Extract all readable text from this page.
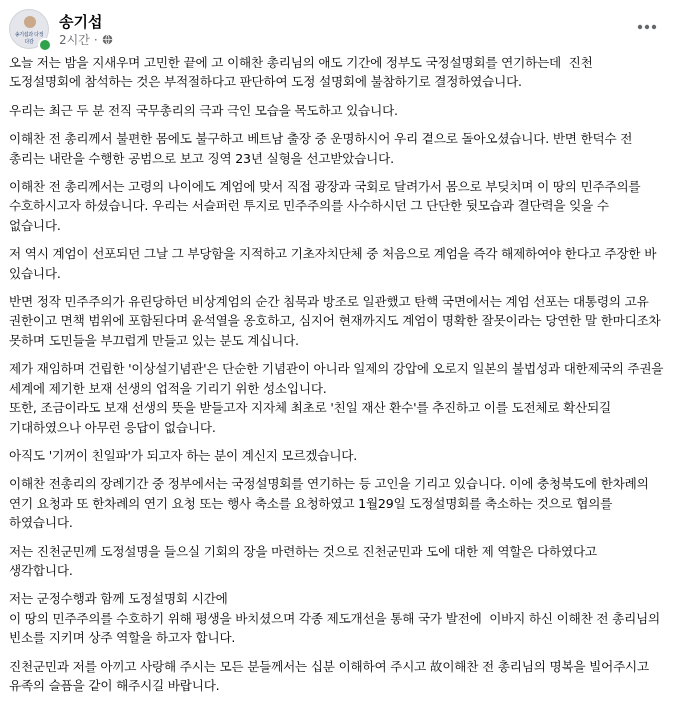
송기섭과 다정다감
송기섭
2시간 ·

오늘 저는 밤을 지새우며 고민한 끝에 고 이해찬 총리님의 애도 기간에 정부도 국정설명회를 연기하는데  진천 도정설명회에 참석하는 것은 부적절하다고 판단하여 도정 설명회에 불참하기로 결정하였습니다.

우리는 최근 두 분 전직 국무총리의 극과 극인 모습을 목도하고 있습니다.

이해찬 전 총리께서 불편한 몸에도 불구하고 베트남 출장 중 운명하시어 우리 곁으로 돌아오셨습니다. 반면 한덕수 전 총리는 내란을 수행한 공범으로 보고 징역 23년 실형을 선고받았습니다.

이해찬 전 총리께서는 고령의 나이에도 계엄에 맞서 직접 광장과 국회로 달려가서 몸으로 부딪치며 이 땅의 민주주의를 수호하시고자 하셨습니다. 우리는 서슬퍼런 투지로 민주주의를 사수하시던 그 단단한 뒷모습과 결단력을 잊을 수 없습니다.

저 역시 계엄이 선포되던 그날 그 부당함을 지적하고 기초자치단체 중 처음으로 계엄을 즉각 해제하여야 한다고 주장한 바 있습니다.

반면 정작 민주주의가 유린당하던 비상계엄의 순간 침묵과 방조로 일관했고 탄핵 국면에서는 계엄 선포는 대통령의 고유 권한이고 면책 범위에 포함된다며 윤석열을 옹호하고, 심지어 현재까지도 계엄이 명확한 잘못이라는 당연한 말 한마디조차 못하며 도민들을 부끄럽게 만들고 있는 분도 계십니다.

제가 재임하며 건립한 '이상설기념관'은 단순한 기념관이 아니라 일제의 강압에 오로지 일본의 불법성과 대한제국의 주권을 세계에 제기한 보재 선생의 업적을 기리기 위한 성소입니다.
또한, 조금이라도 보재 선생의 뜻을 받들고자 지자체 최초로 '친일 재산 환수'를 추진하고 이를 도전체로 확산되길 기대하였으나 아무런 응답이 없습니다.

아직도 '기꺼이 친일파'가 되고자 하는 분이 계신지 모르겠습니다.

이해찬 전총리의 장례기간 중 정부에서는 국정설명회를 연기하는 등 고인을 기리고 있습니다. 이에 충청북도에 한차례의 연기 요청과 또 한차례의 연기 요청 또는 행사 축소를 요청하였고 1월29일 도정설명회를 축소하는 것으로 협의를 하였습니다.

저는 진천군민께 도정설명을 들으실 기회의 장을 마련하는 것으로 진천군민과 도에 대한 제 역할은 다하였다고 생각합니다.

저는 군정수행과 함께 도정설명회 시간에
이 땅의 민주주의를 수호하기 위해 평생을 바치셨으며 각종 제도개선을 통해 국가 발전에  이바지 하신 이해찬 전 총리님의 빈소를 지키며 상주 역할을 하고자 합니다.

진천군민과 저를 아끼고 사랑해 주시는 모든 분들께서는 십분 이해하여 주시고 故이해찬 전 총리님의 명복을 빌어주시고 유족의 슬픔을 같이 해주시길 바랍니다.
